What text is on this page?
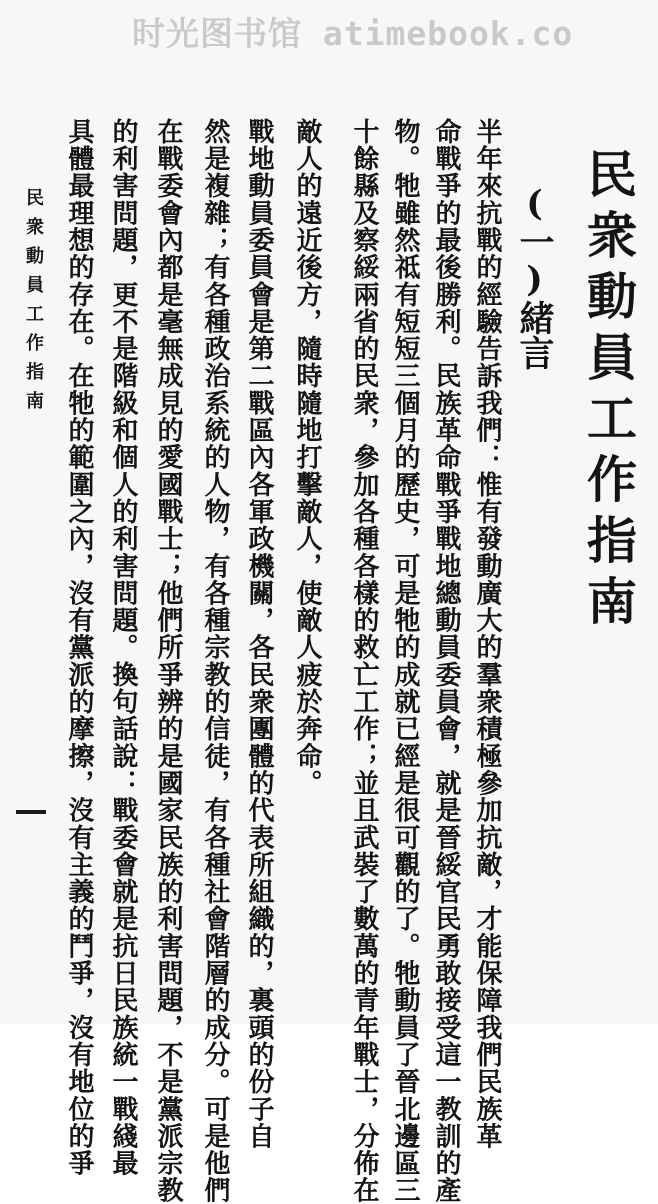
时光图书馆 atimebook.co
民衆動員工作指南
(一)緒言
半年來抗戰的經驗告訴我們：惟有發動廣大的羣衆積極參加抗敵，才能保障我們民族革
命戰爭的最後勝利。民族革命戰爭戰地總動員委員會，就是晉綏官民勇敢接受這一教訓的產
物。牠雖然祗有短短三個月的歷史，可是牠的成就已經是很可觀的了。牠動員了晉北邊區三
十餘縣及察綏兩省的民衆，參加各種各樣的救亡工作；並且武裝了數萬的青年戰士，分佈在
敵人的遠近後方，隨時隨地打擊敵人，使敵人疲於奔命。
戰地動員委員會是第二戰區內各軍政機關，各民衆團體的代表所組織的，裏頭的份子自
然是複雜；有各種政治系統的人物，有各種宗教的信徒，有各種社會階層的成分。可是他們
在戰委會內都是毫無成見的愛國戰士；他們所爭辨的是國家民族的利害問題，不是黨派宗教
的利害問題，更不是階級和個人的利害問題。換句話說：戰委會就是抗日民族統一戰綫最
具體最理想的存在。在牠的範圍之內，沒有黨派的摩擦，沒有主義的鬥爭，沒有地位的爭
民衆動員工作指南
